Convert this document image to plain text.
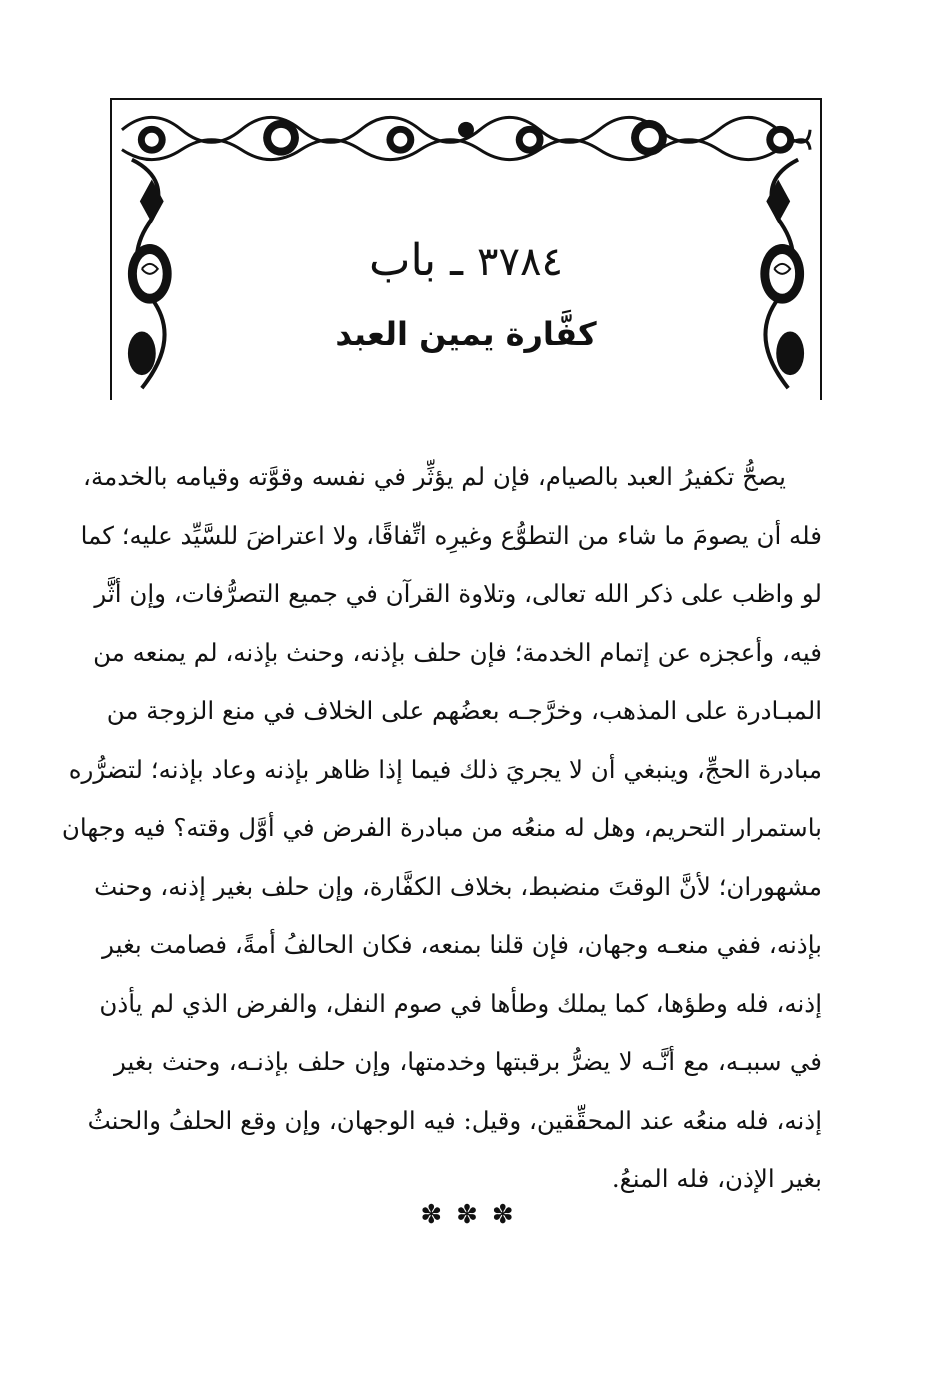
٣٧٨٤ ـ باب
كفَّارة يمين العبد
يصحُّ تكفيرُ العبد بالصيام، فإن لم يؤثِّر في نفسه وقوَّته وقيامه بالخدمة،
فله أن يصومَ ما شاء من التطوُّع وغيرِه اتِّفاقًا، ولا اعتراضَ للسَّيِّد عليه؛ كما
لو واظب على ذكر الله تعالى، وتلاوة القرآن في جميع التصرُّفات، وإن أثَّر
فيه، وأعجزه عن إتمام الخدمة؛ فإن حلف بإذنه، وحنث بإذنه، لم يمنعه من
المبـادرة على المذهب، وخرَّجـه بعضُهم على الخلاف في منع الزوجة من
مبادرة الحجِّ، وينبغي أن لا يجريَ ذلك فيما إذا ظاهر بإذنه وعاد بإذنه؛ لتضرُّره
باستمرار التحريم، وهل له منعُه من مبادرة الفرض في أوَّل وقته؟ فيه وجهان
مشهوران؛ لأنَّ الوقتَ منضبط، بخلاف الكفَّارة، وإن حلف بغير إذنه، وحنث
بإذنه، ففي منعـه وجهان، فإن قلنا بمنعه، فكان الحالفُ أمةً، فصامت بغير
إذنه، فله وطؤها، كما يملك وطأها في صوم النفل، والفرض الذي لم يأذن
في سببـه، مع أنَّـه لا يضرُّ برقبتها وخدمتها، وإن حلف بإذنـه، وحنث بغير
إذنه، فله منعُه عند المحقِّقين، وقيل: فيه الوجهان، وإن وقع الحلفُ والحنثُ
بغير الإذن، فله المنعُ.
✽✽✽
